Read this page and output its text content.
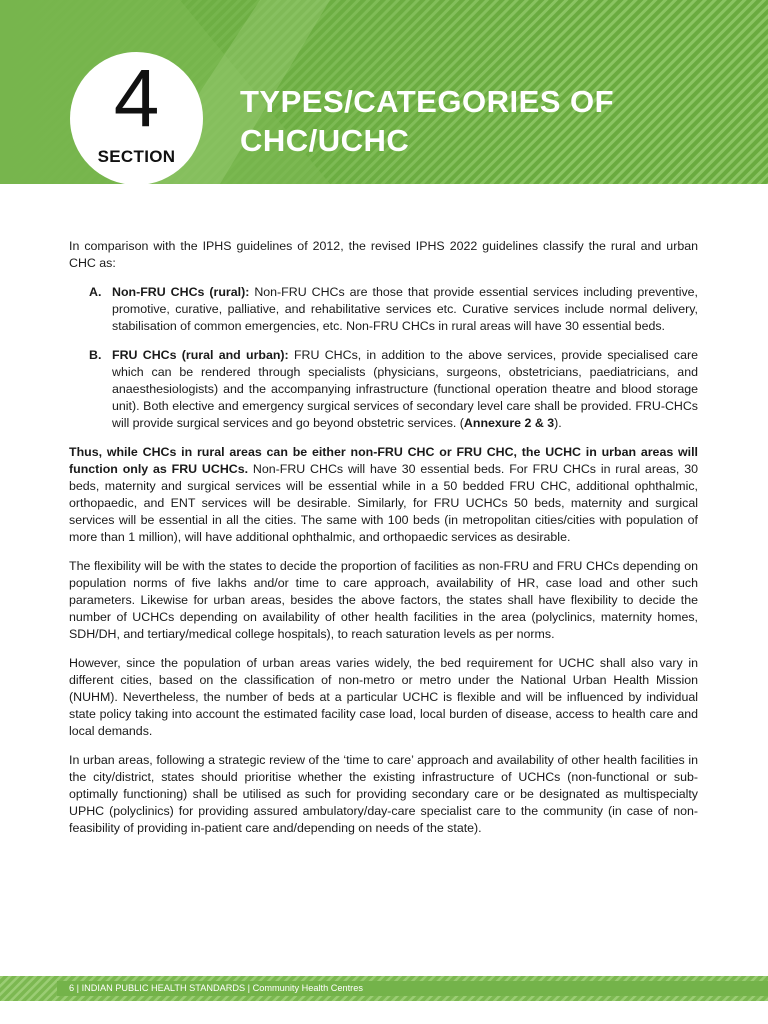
4
SECTION
TYPES/CATEGORIES OF CHC/UCHC

In comparison with the IPHS guidelines of 2012, the revised IPHS 2022 guidelines classify the rural and urban CHC as:

A. Non-FRU CHCs (rural): Non-FRU CHCs are those that provide essential services including preventive, promotive, curative, palliative, and rehabilitative services etc. Curative services include normal delivery, stabilisation of common emergencies, etc. Non-FRU CHCs in rural areas will have 30 essential beds.
B. FRU CHCs (rural and urban): FRU CHCs, in addition to the above services, provide specialised care which can be rendered through specialists (physicians, surgeons, obstetricians, paediatricians, and anaesthesiologists) and the accompanying infrastructure (functional operation theatre and blood storage unit). Both elective and emergency surgical services of secondary level care shall be provided. FRU-CHCs will provide surgical services and go beyond obstetric services. (Annexure 2 & 3).

Thus, while CHCs in rural areas can be either non-FRU CHC or FRU CHC, the UCHC in urban areas will function only as FRU UCHCs. Non-FRU CHCs will have 30 essential beds. For FRU CHCs in rural areas, 30 beds, maternity and surgical services will be essential while in a 50 bedded FRU CHC, additional ophthalmic, orthopaedic, and ENT services will be desirable. Similarly, for FRU UCHCs 50 beds, maternity and surgical services will be essential in all the cities. The same with 100 beds (in metropolitan cities/cities with population of more than 1 million), will have additional ophthalmic, and orthopaedic services as desirable.

The flexibility will be with the states to decide the proportion of facilities as non-FRU and FRU CHCs depending on population norms of five lakhs and/or time to care approach, availability of HR, case load and other such parameters. Likewise for urban areas, besides the above factors, the states shall have flexibility to decide the number of UCHCs depending on availability of other health facilities in the area (polyclinics, maternity homes, SDH/DH, and tertiary/medical college hospitals), to reach saturation levels as per norms.

However, since the population of urban areas varies widely, the bed requirement for UCHC shall also vary in different cities, based on the classification of non-metro or metro under the National Urban Health Mission (NUHM). Nevertheless, the number of beds at a particular UCHC is flexible and will be influenced by individual state policy taking into account the estimated facility case load, local burden of disease, access to health care and local demands.

In urban areas, following a strategic review of the ‘time to care’ approach and availability of other health facilities in the city/district, states should prioritise whether the existing infrastructure of UCHCs (non-functional or sub-optimally functioning) shall be utilised as such for providing secondary care or be designated as multispecialty UPHC (polyclinics) for providing assured ambulatory/day-care specialist care to the community (in case of non-feasibility of providing in-patient care and/depending on needs of the state).

6 | INDIAN PUBLIC HEALTH STANDARDS | Community Health Centres
